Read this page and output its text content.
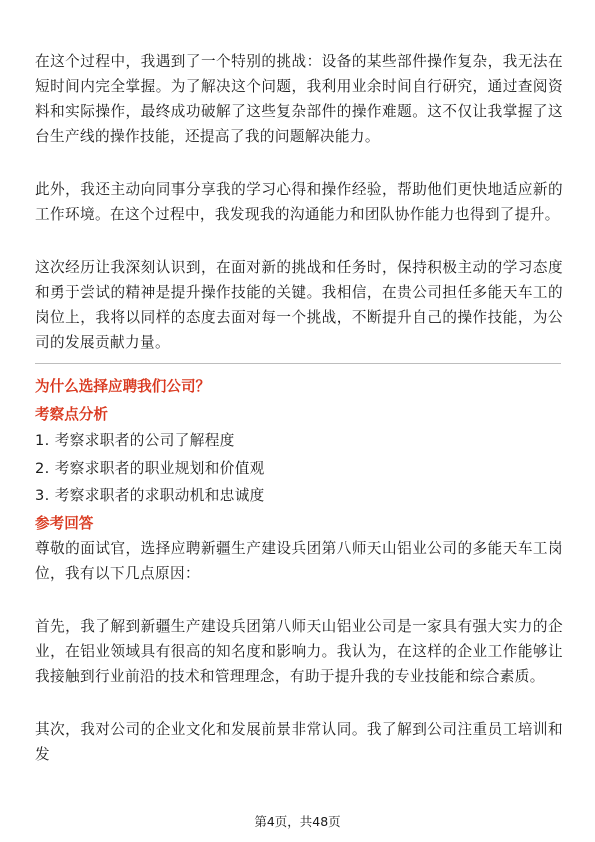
在这个过程中，我遇到了一个特别的挑战：设备的某些部件操作复杂，我无法在短时间内完全掌握。为了解决这个问题，我利用业余时间自行研究，通过查阅资料和实际操作，最终成功破解了这些复杂部件的操作难题。这不仅让我掌握了这台生产线的操作技能，还提高了我的问题解决能力。

此外，我还主动向同事分享我的学习心得和操作经验，帮助他们更快地适应新的工作环境。在这个过程中，我发现我的沟通能力和团队协作能力也得到了提升。

这次经历让我深刻认识到，在面对新的挑战和任务时，保持积极主动的学习态度和勇于尝试的精神是提升操作技能的关键。我相信，在贵公司担任多能天车工的岗位上，我将以同样的态度去面对每一个挑战，不断提升自己的操作技能，为公司的发展贡献力量。

为什么选择应聘我们公司？
考察点分析
1. 考察求职者的公司了解程度
2. 考察求职者的职业规划和价值观
3. 考察求职者的求职动机和忠诚度
参考回答

尊敬的面试官，选择应聘新疆生产建设兵团第八师天山铝业公司的多能天车工岗位，我有以下几点原因：

首先，我了解到新疆生产建设兵团第八师天山铝业公司是一家具有强大实力的企业，在铝业领域具有很高的知名度和影响力。我认为，在这样的企业工作能够让我接触到行业前沿的技术和管理理念，有助于提升我的专业技能和综合素质。

其次，我对公司的企业文化和发展前景非常认同。我了解到公司注重员工培训和发

第4页，共48页
